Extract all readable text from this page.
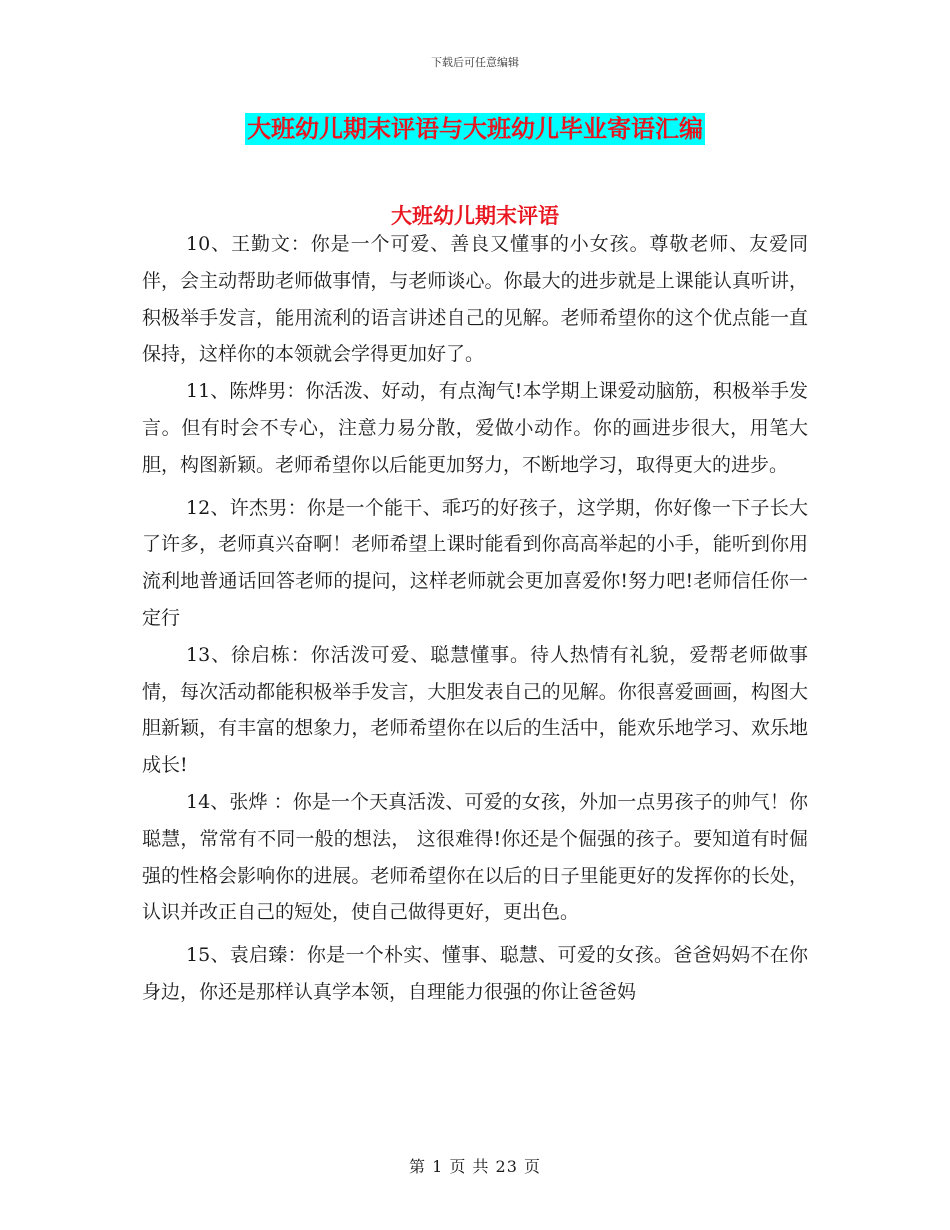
下载后可任意编辑
大班幼儿期末评语与大班幼儿毕业寄语汇编
大班幼儿期末评语

10、王勤文：你是一个可爱、善良又懂事的小女孩。尊敬老师、友爱同伴，会主动帮助老师做事情，与老师谈心。你最大的进步就是上课能认真听讲，积极举手发言，能用流利的语言讲述自己的见解。老师希望你的这个优点能一直保持，这样你的本领就会学得更加好了。

11、陈烨男：你活泼、好动，有点淘气!本学期上课爱动脑筋，积极举手发言。但有时会不专心，注意力易分散，爱做小动作。你的画进步很大，用笔大胆，构图新颖。老师希望你以后能更加努力，不断地学习，取得更大的进步。

12、许杰男：你是一个能干、乖巧的好孩子，这学期，你好像一下子长大了许多，老师真兴奋啊！老师希望上课时能看到你高高举起的小手，能听到你用流利地普通话回答老师的提问，这样老师就会更加喜爱你!努力吧!老师信任你一定行

13、徐启栋：你活泼可爱、聪慧懂事。待人热情有礼貌，爱帮老师做事情，每次活动都能积极举手发言，大胆发表自己的见解。你很喜爱画画，构图大胆新颖，有丰富的想象力，老师希望你在以后的生活中，能欢乐地学习、欢乐地成长!

14、张烨 ：你是一个天真活泼、可爱的女孩，外加一点男孩子的帅气！你聪慧，常常有不同一般的想法， 这很难得!你还是个倔强的孩子。要知道有时倔强的性格会影响你的进展。老师希望你在以后的日子里能更好的发挥你的长处，认识并改正自己的短处，使自己做得更好，更出色。

15、袁启臻：你是一个朴实、懂事、聪慧、可爱的女孩。爸爸妈妈不在你身边，你还是那样认真学本领，自理能力很强的你让爸爸妈

第 1 页 共 23 页
